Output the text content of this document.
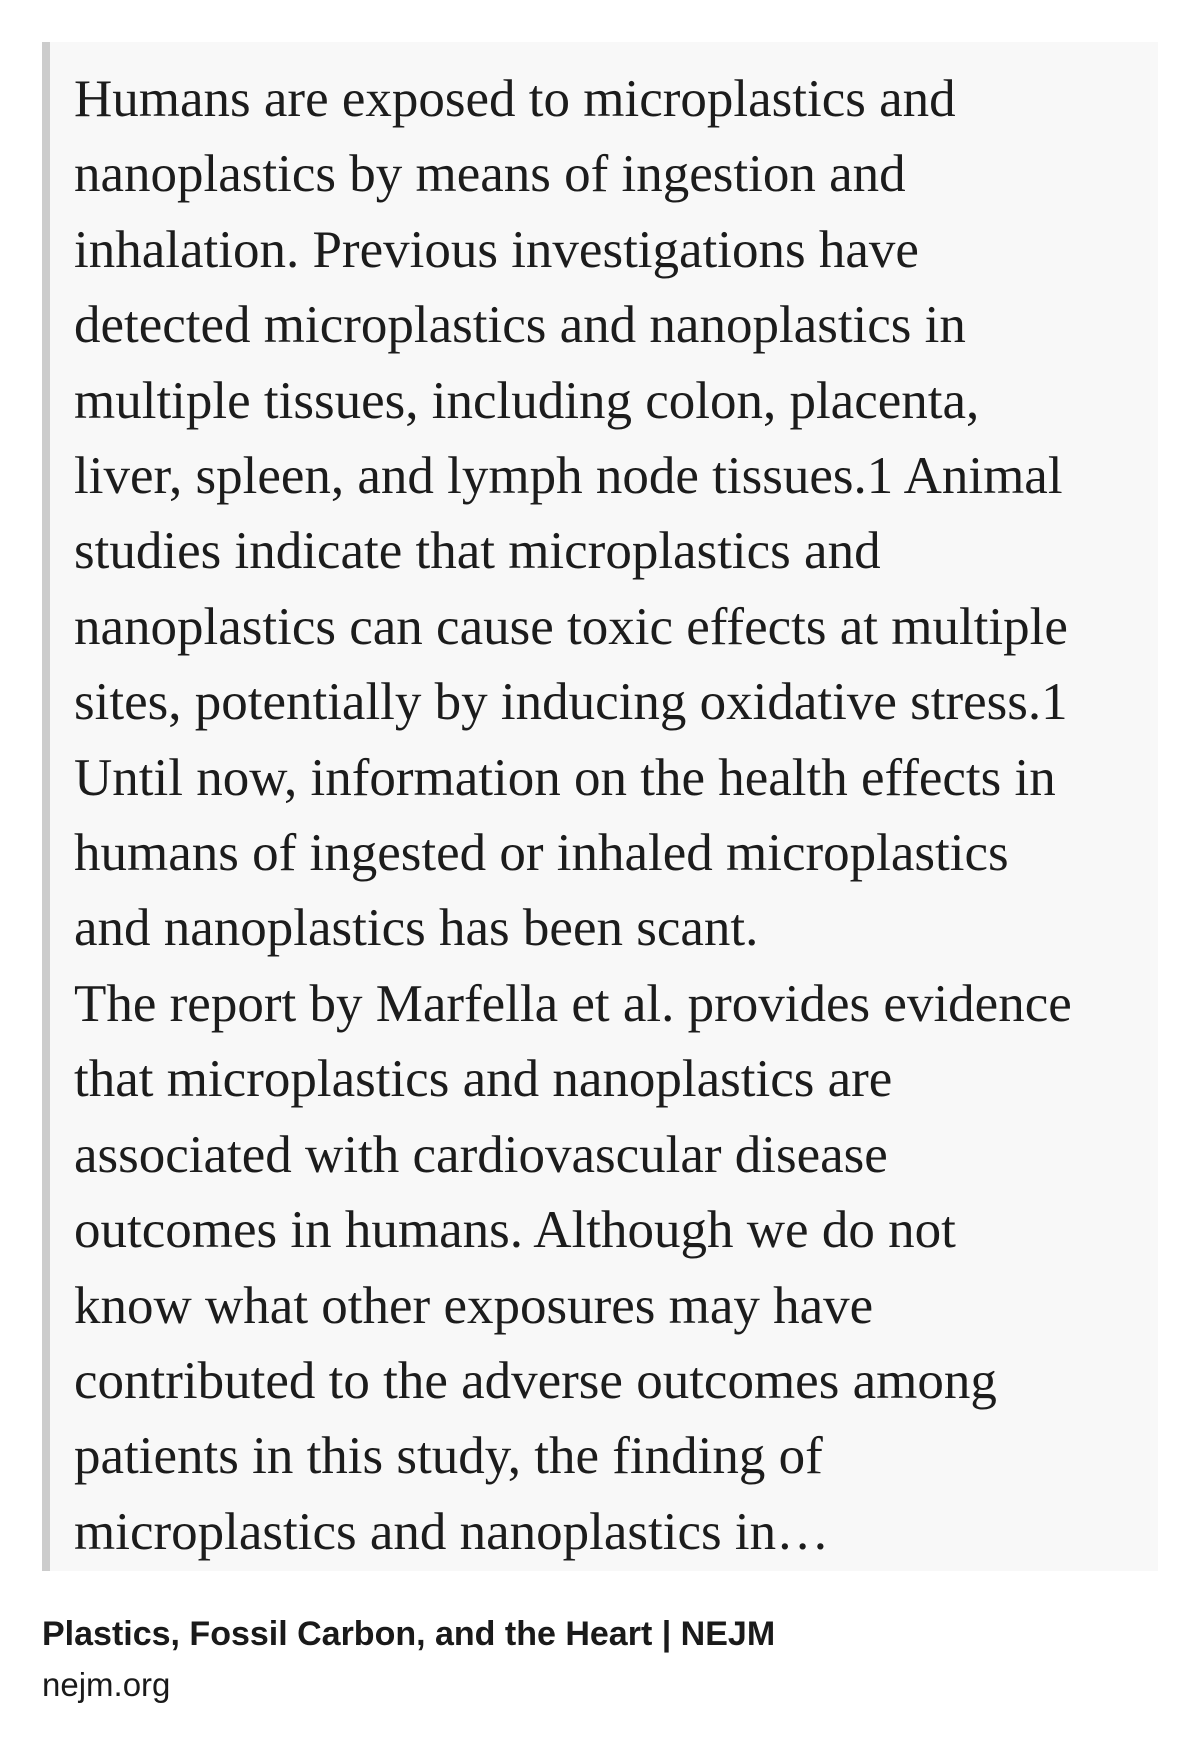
Humans are exposed to microplastics and
nanoplastics by means of ingestion and
inhalation. Previous investigations have
detected microplastics and nanoplastics in
multiple tissues, including colon, placenta,
liver, spleen, and lymph node tissues.1 Animal
studies indicate that microplastics and
nanoplastics can cause toxic effects at multiple
sites, potentially by inducing oxidative stress.1
Until now, information on the health effects in
humans of ingested or inhaled microplastics
and nanoplastics has been scant.
The report by Marfella et al. provides evidence
that microplastics and nanoplastics are
associated with cardiovascular disease
outcomes in humans. Although we do not
know what other exposures may have
contributed to the adverse outcomes among
patients in this study, the finding of
microplastics and nanoplastics in…

Plastics, Fossil Carbon, and the Heart | NEJM
nejm.org
